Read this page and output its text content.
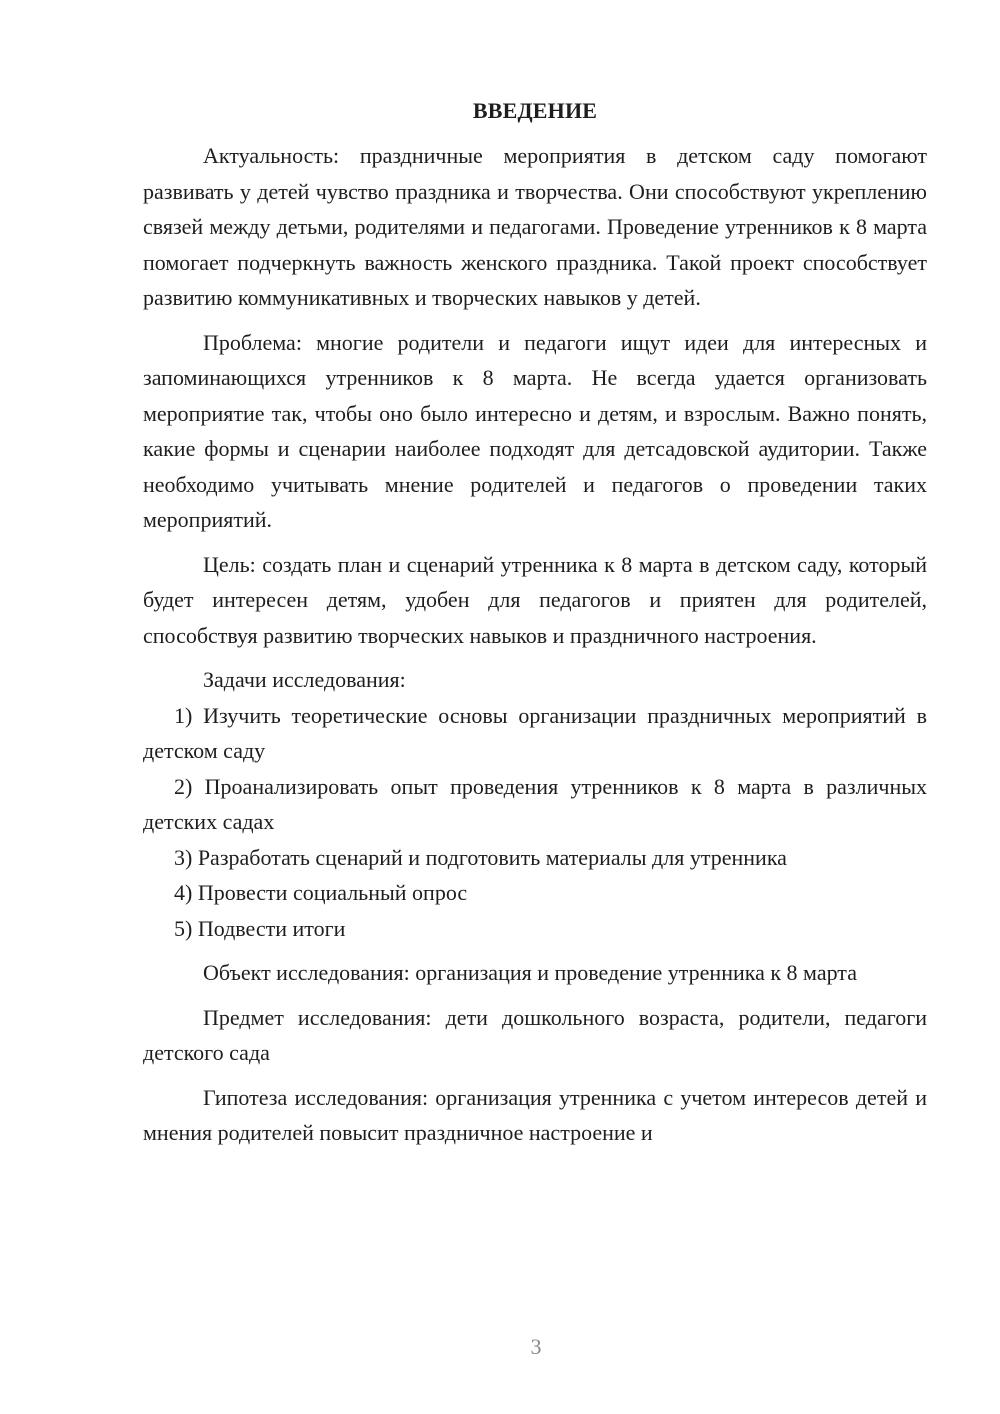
ВВЕДЕНИЕ

Актуальность: праздничные мероприятия в детском саду помогают развивать у детей чувство праздника и творчества. Они способствуют укреплению связей между детьми, родителями и педагогами. Проведение утренников к 8 марта помогает подчеркнуть важность женского праздника. Такой проект способствует развитию коммуникативных и творческих навыков у детей.

Проблема: многие родители и педагоги ищут идеи для интересных и запоминающихся утренников к 8 марта. Не всегда удается организовать мероприятие так, чтобы оно было интересно и детям, и взрослым. Важно понять, какие формы и сценарии наиболее подходят для детсадовской аудитории. Также необходимо учитывать мнение родителей и педагогов о проведении таких мероприятий.

Цель: создать план и сценарий утренника к 8 марта в детском саду, который будет интересен детям, удобен для педагогов и приятен для родителей, способствуя развитию творческих навыков и праздничного настроения.

Задачи исследования:

1) Изучить теоретические основы организации праздничных мероприятий в детском саду

2) Проанализировать опыт проведения утренников к 8 марта в различных детских садах

3) Разработать сценарий и подготовить материалы для утренника

4) Провести социальный опрос

5) Подвести итоги

Объект исследования: организация и проведение утренника к 8 марта

Предмет исследования: дети дошкольного возраста, родители, педагоги детского сада

Гипотеза исследования: организация утренника с учетом интересов детей и мнения родителей повысит праздничное настроение и

3
